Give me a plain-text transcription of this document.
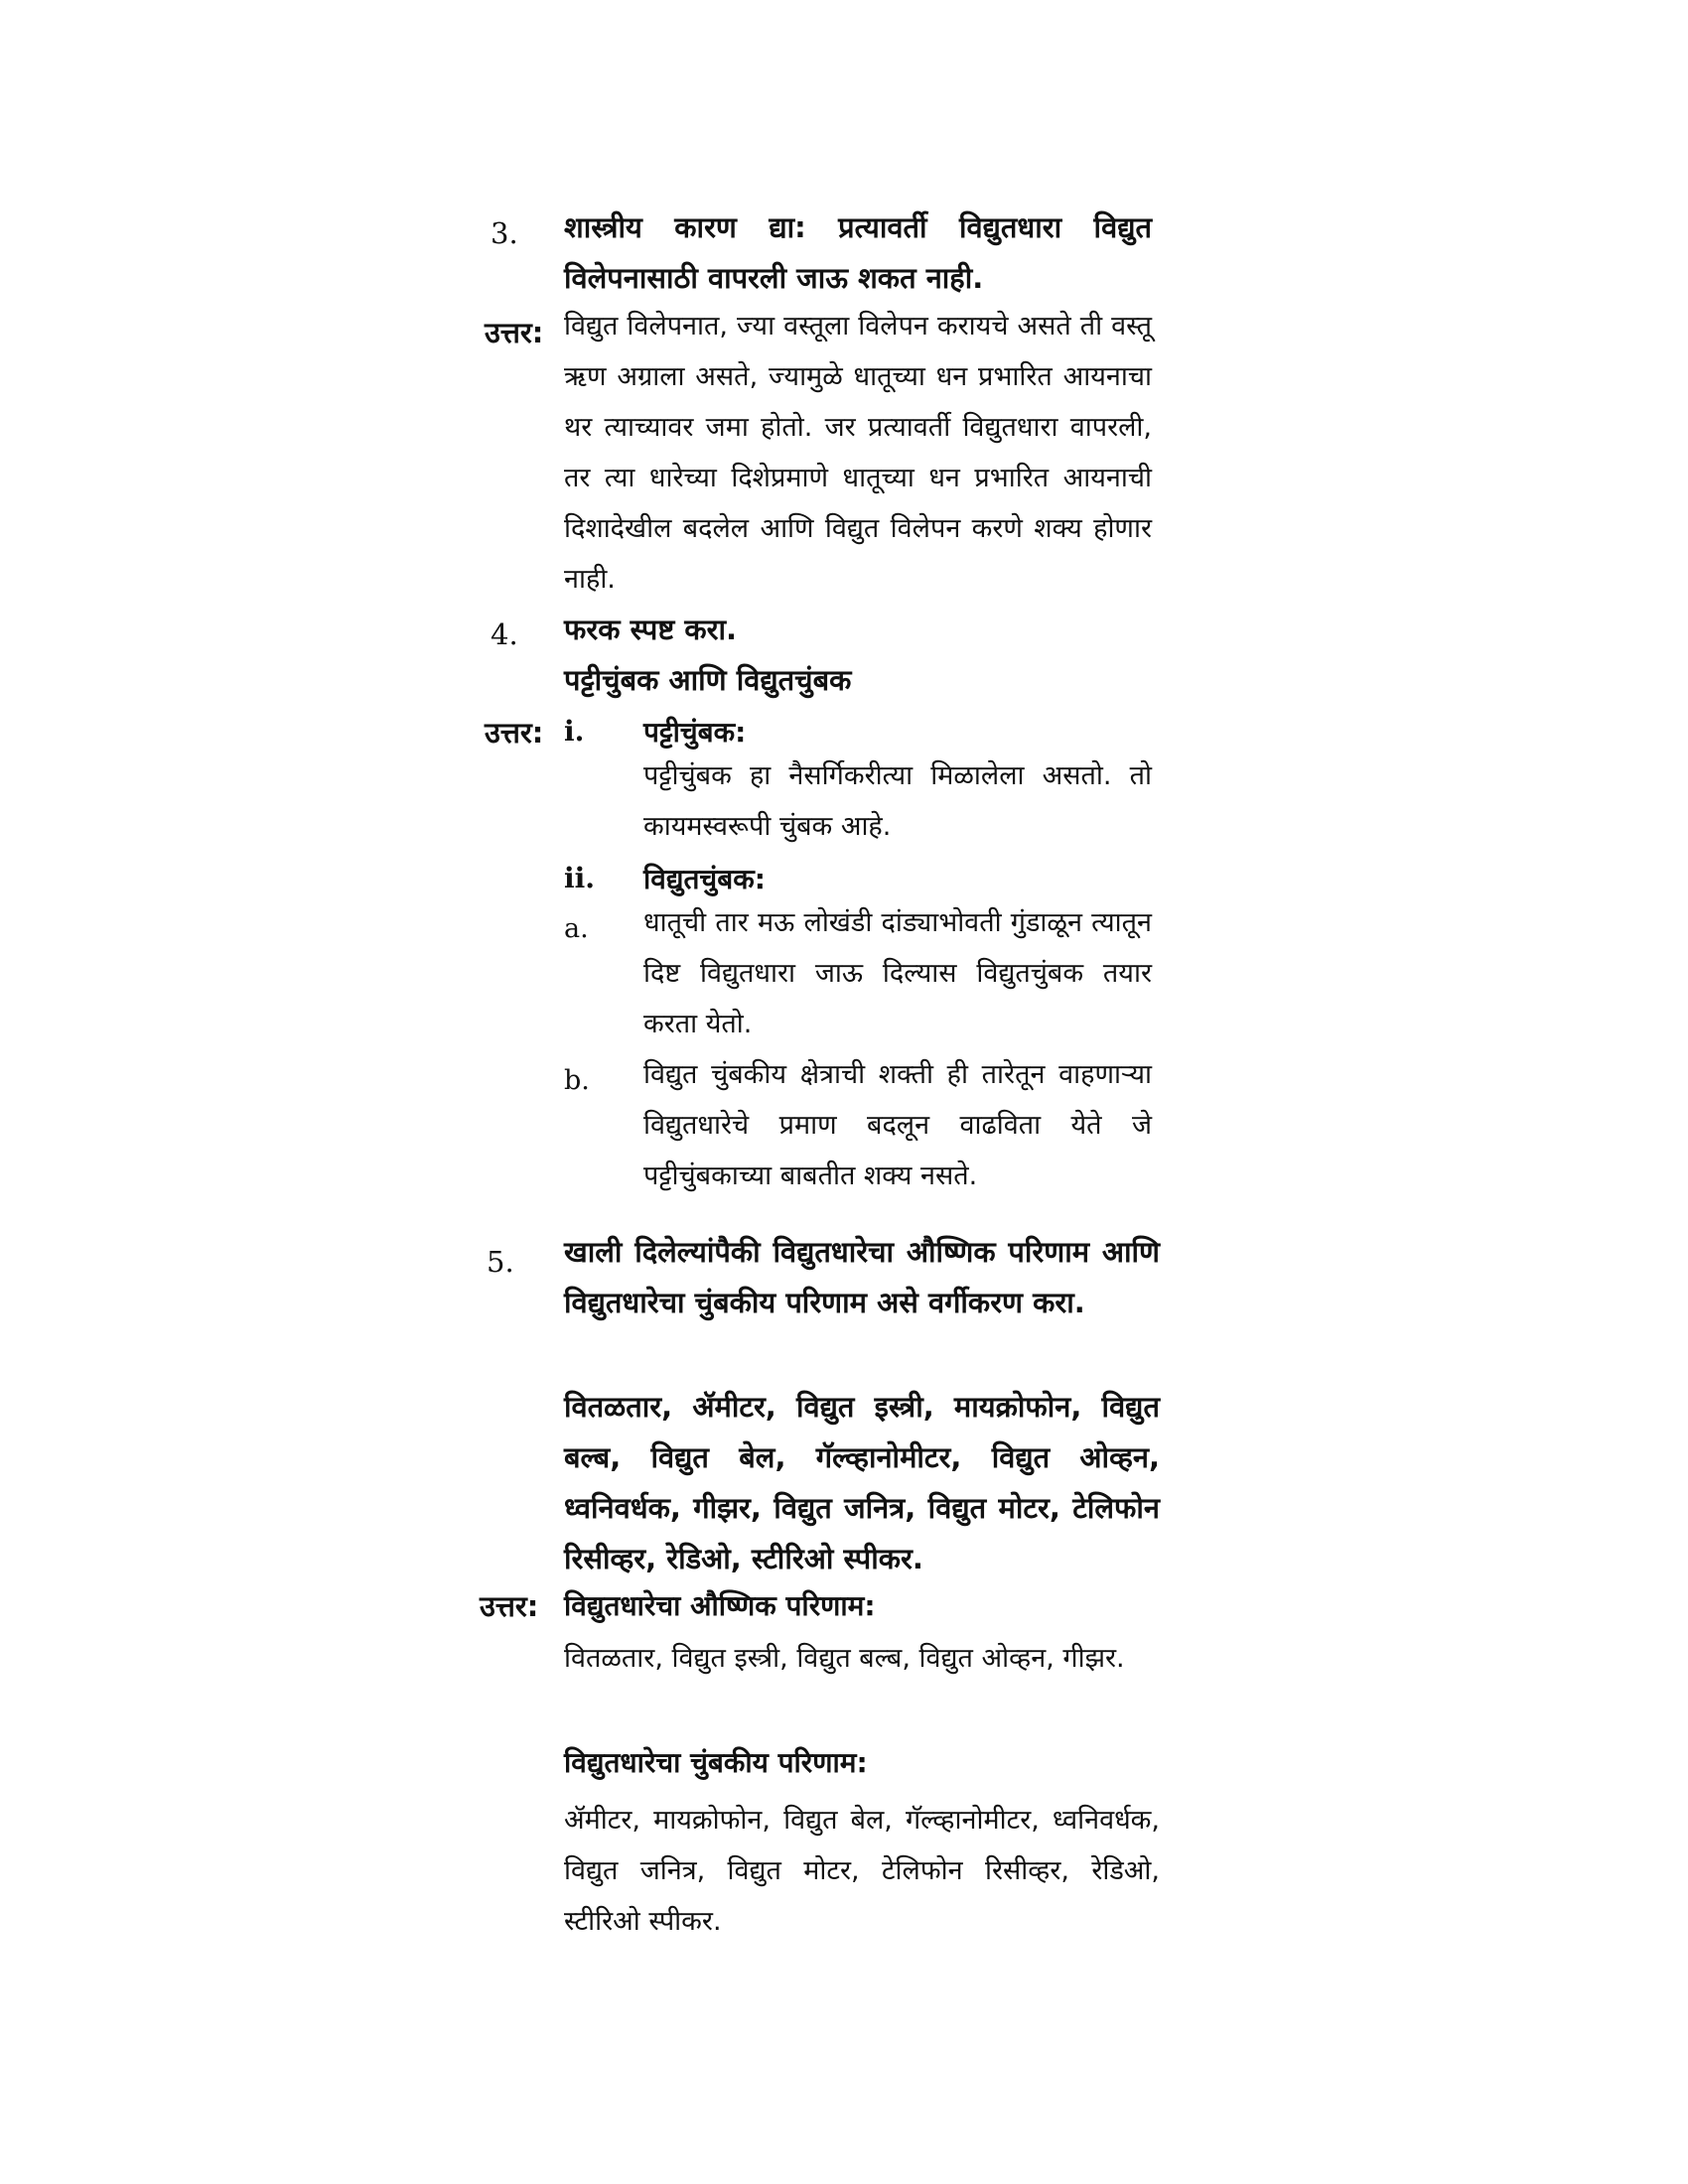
3. शास्त्रीय कारण द्या: प्रत्यावर्ती विद्युतधारा विद्युत विलेपनासाठी वापरली जाऊ शकत नाही.
उत्तर: विद्युत विलेपनात, ज्या वस्तूला विलेपन करायचे असते ती वस्तू ऋण अग्राला असते, ज्यामुळे धातूच्या धन प्रभारित आयनाचा थर त्याच्यावर जमा होतो. जर प्रत्यावर्ती विद्युतधारा वापरली, तर त्या धारेच्या दिशेप्रमाणे धातूच्या धन प्रभारित आयनाची दिशादेखील बदलेल आणि विद्युत विलेपन करणे शक्य होणार नाही.
4. फरक स्पष्ट करा.
पट्टीचुंबक आणि विद्युतचुंबक
उत्तर: i. पट्टीचुंबक:
पट्टीचुंबक हा नैसर्गिकरीत्या मिळालेला असतो. तो कायमस्वरूपी चुंबक आहे.
ii. विद्युतचुंबक:
a. धातूची तार मऊ लोखंडी दांड्याभोवती गुंडाळून त्यातून दिष्ट विद्युतधारा जाऊ दिल्यास विद्युतचुंबक तयार करता येतो.
b. विद्युत चुंबकीय क्षेत्राची शक्ती ही तारेतून वाहणाऱ्या विद्युतधारेचे प्रमाण बदलून वाढविता येते जे पट्टीचुंबकाच्या बाबतीत शक्य नसते.
5. खाली दिलेल्यांपैकी विद्युतधारेचा औष्णिक परिणाम आणि विद्युतधारेचा चुंबकीय परिणाम असे वर्गीकरण करा.
वितळतार, ॲमीटर, विद्युत इस्त्री, मायक्रोफोन, विद्युत बल्ब, विद्युत बेल, गॅल्व्हानोमीटर, विद्युत ओव्हन, ध्वनिवर्धक, गीझर, विद्युत जनित्र, विद्युत मोटर, टेलिफोन रिसीव्हर, रेडिओ, स्टीरिओ स्पीकर.
उत्तर: विद्युतधारेचा औष्णिक परिणाम:
वितळतार, विद्युत इस्त्री, विद्युत बल्ब, विद्युत ओव्हन, गीझर.
विद्युतधारेचा चुंबकीय परिणाम:
ॲमीटर, मायक्रोफोन, विद्युत बेल, गॅल्व्हानोमीटर, ध्वनिवर्धक, विद्युत जनित्र, विद्युत मोटर, टेलिफोन रिसीव्हर, रेडिओ, स्टीरिओ स्पीकर.
